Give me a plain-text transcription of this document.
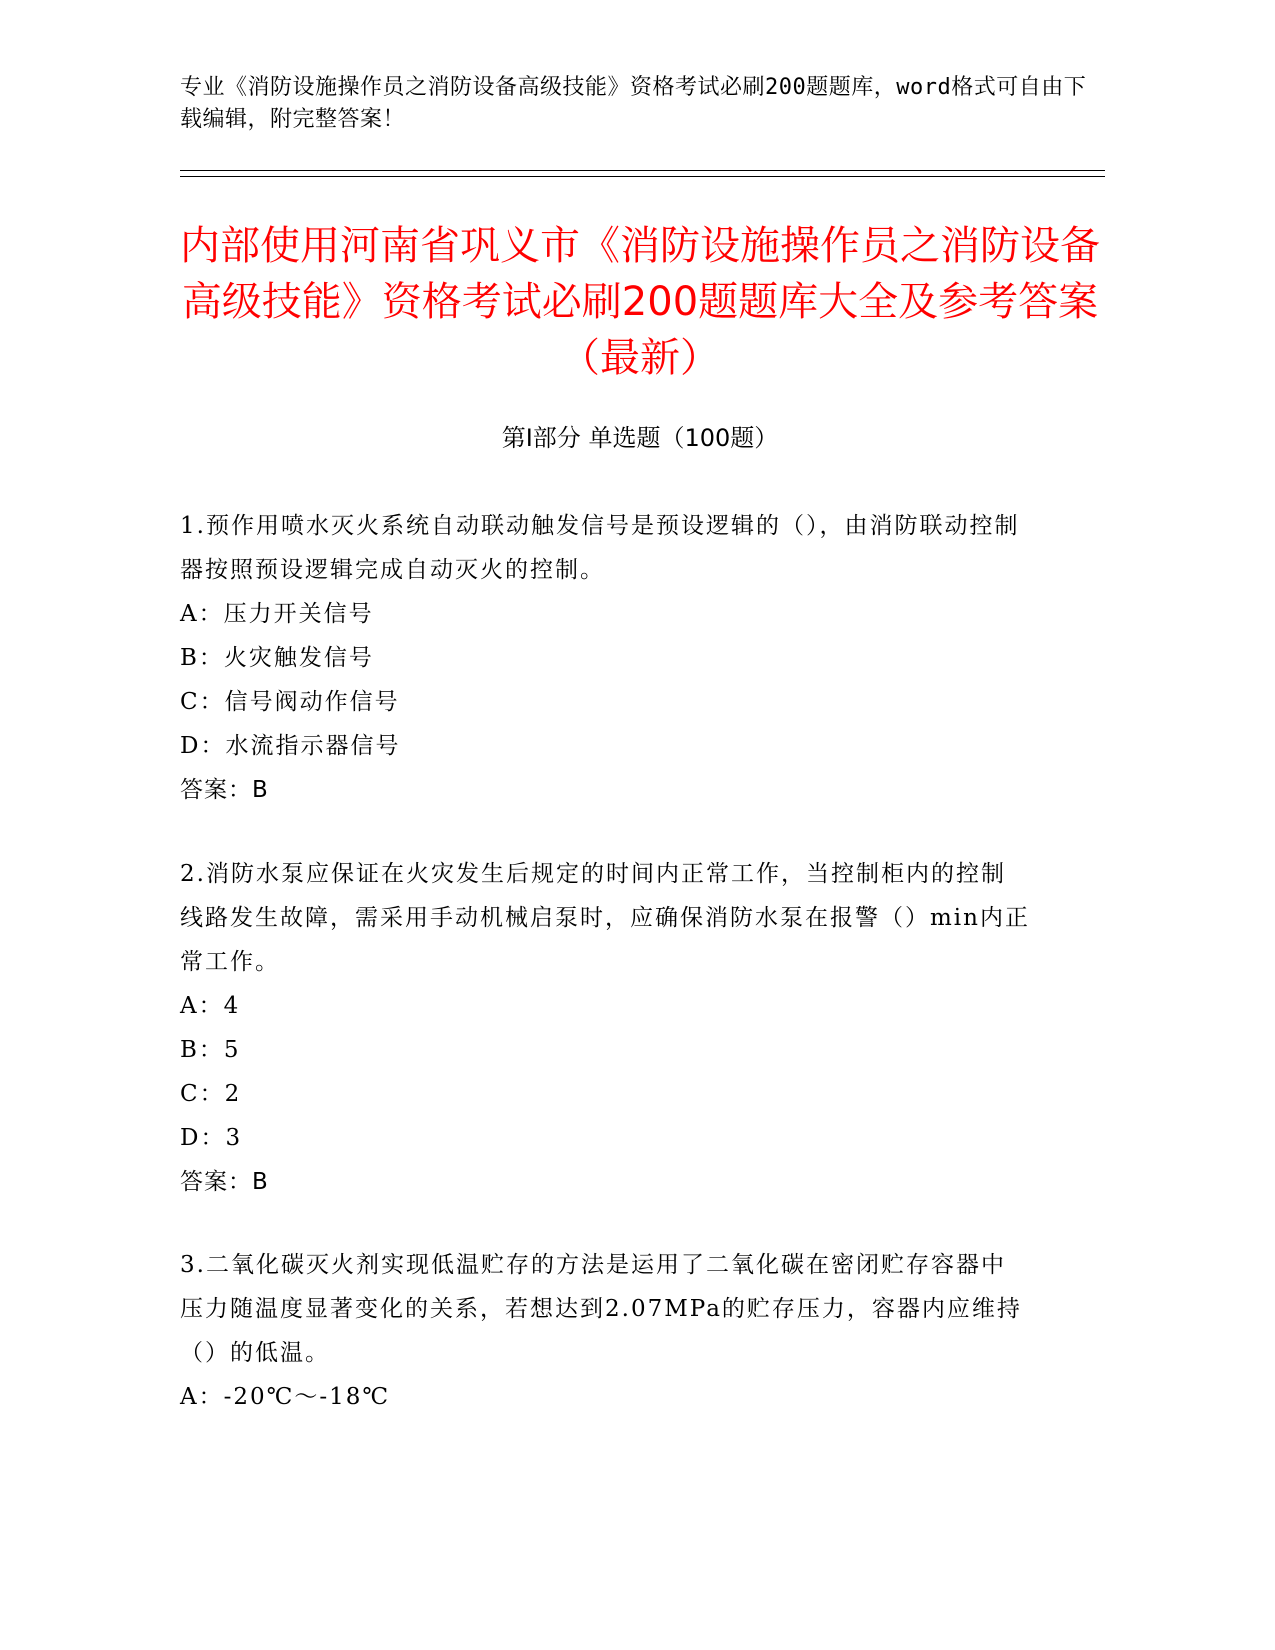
专业《消防设施操作员之消防设备高级技能》资格考试必刷200题题库，word格式可自由下载编辑，附完整答案！
内部使用河南省巩义市《消防设施操作员之消防设备高级技能》资格考试必刷200题题库大全及参考答案（最新）
第Ⅰ部分 单选题（100题）
1.预作用喷水灭火系统自动联动触发信号是预设逻辑的（），由消防联动控制器按照预设逻辑完成自动灭火的控制。
A：压力开关信号
B：火灾触发信号
C：信号阀动作信号
D：水流指示器信号
答案：B
2.消防水泵应保证在火灾发生后规定的时间内正常工作，当控制柜内的控制线路发生故障，需采用手动机械启泵时，应确保消防水泵在报警（）min内正常工作。
A：4
B：5
C：2
D：3
答案：B
3.二氧化碳灭火剂实现低温贮存的方法是运用了二氧化碳在密闭贮存容器中压力随温度显著变化的关系，若想达到2.07MPa的贮存压力，容器内应维持（）的低温。
A：-20℃～-18℃
